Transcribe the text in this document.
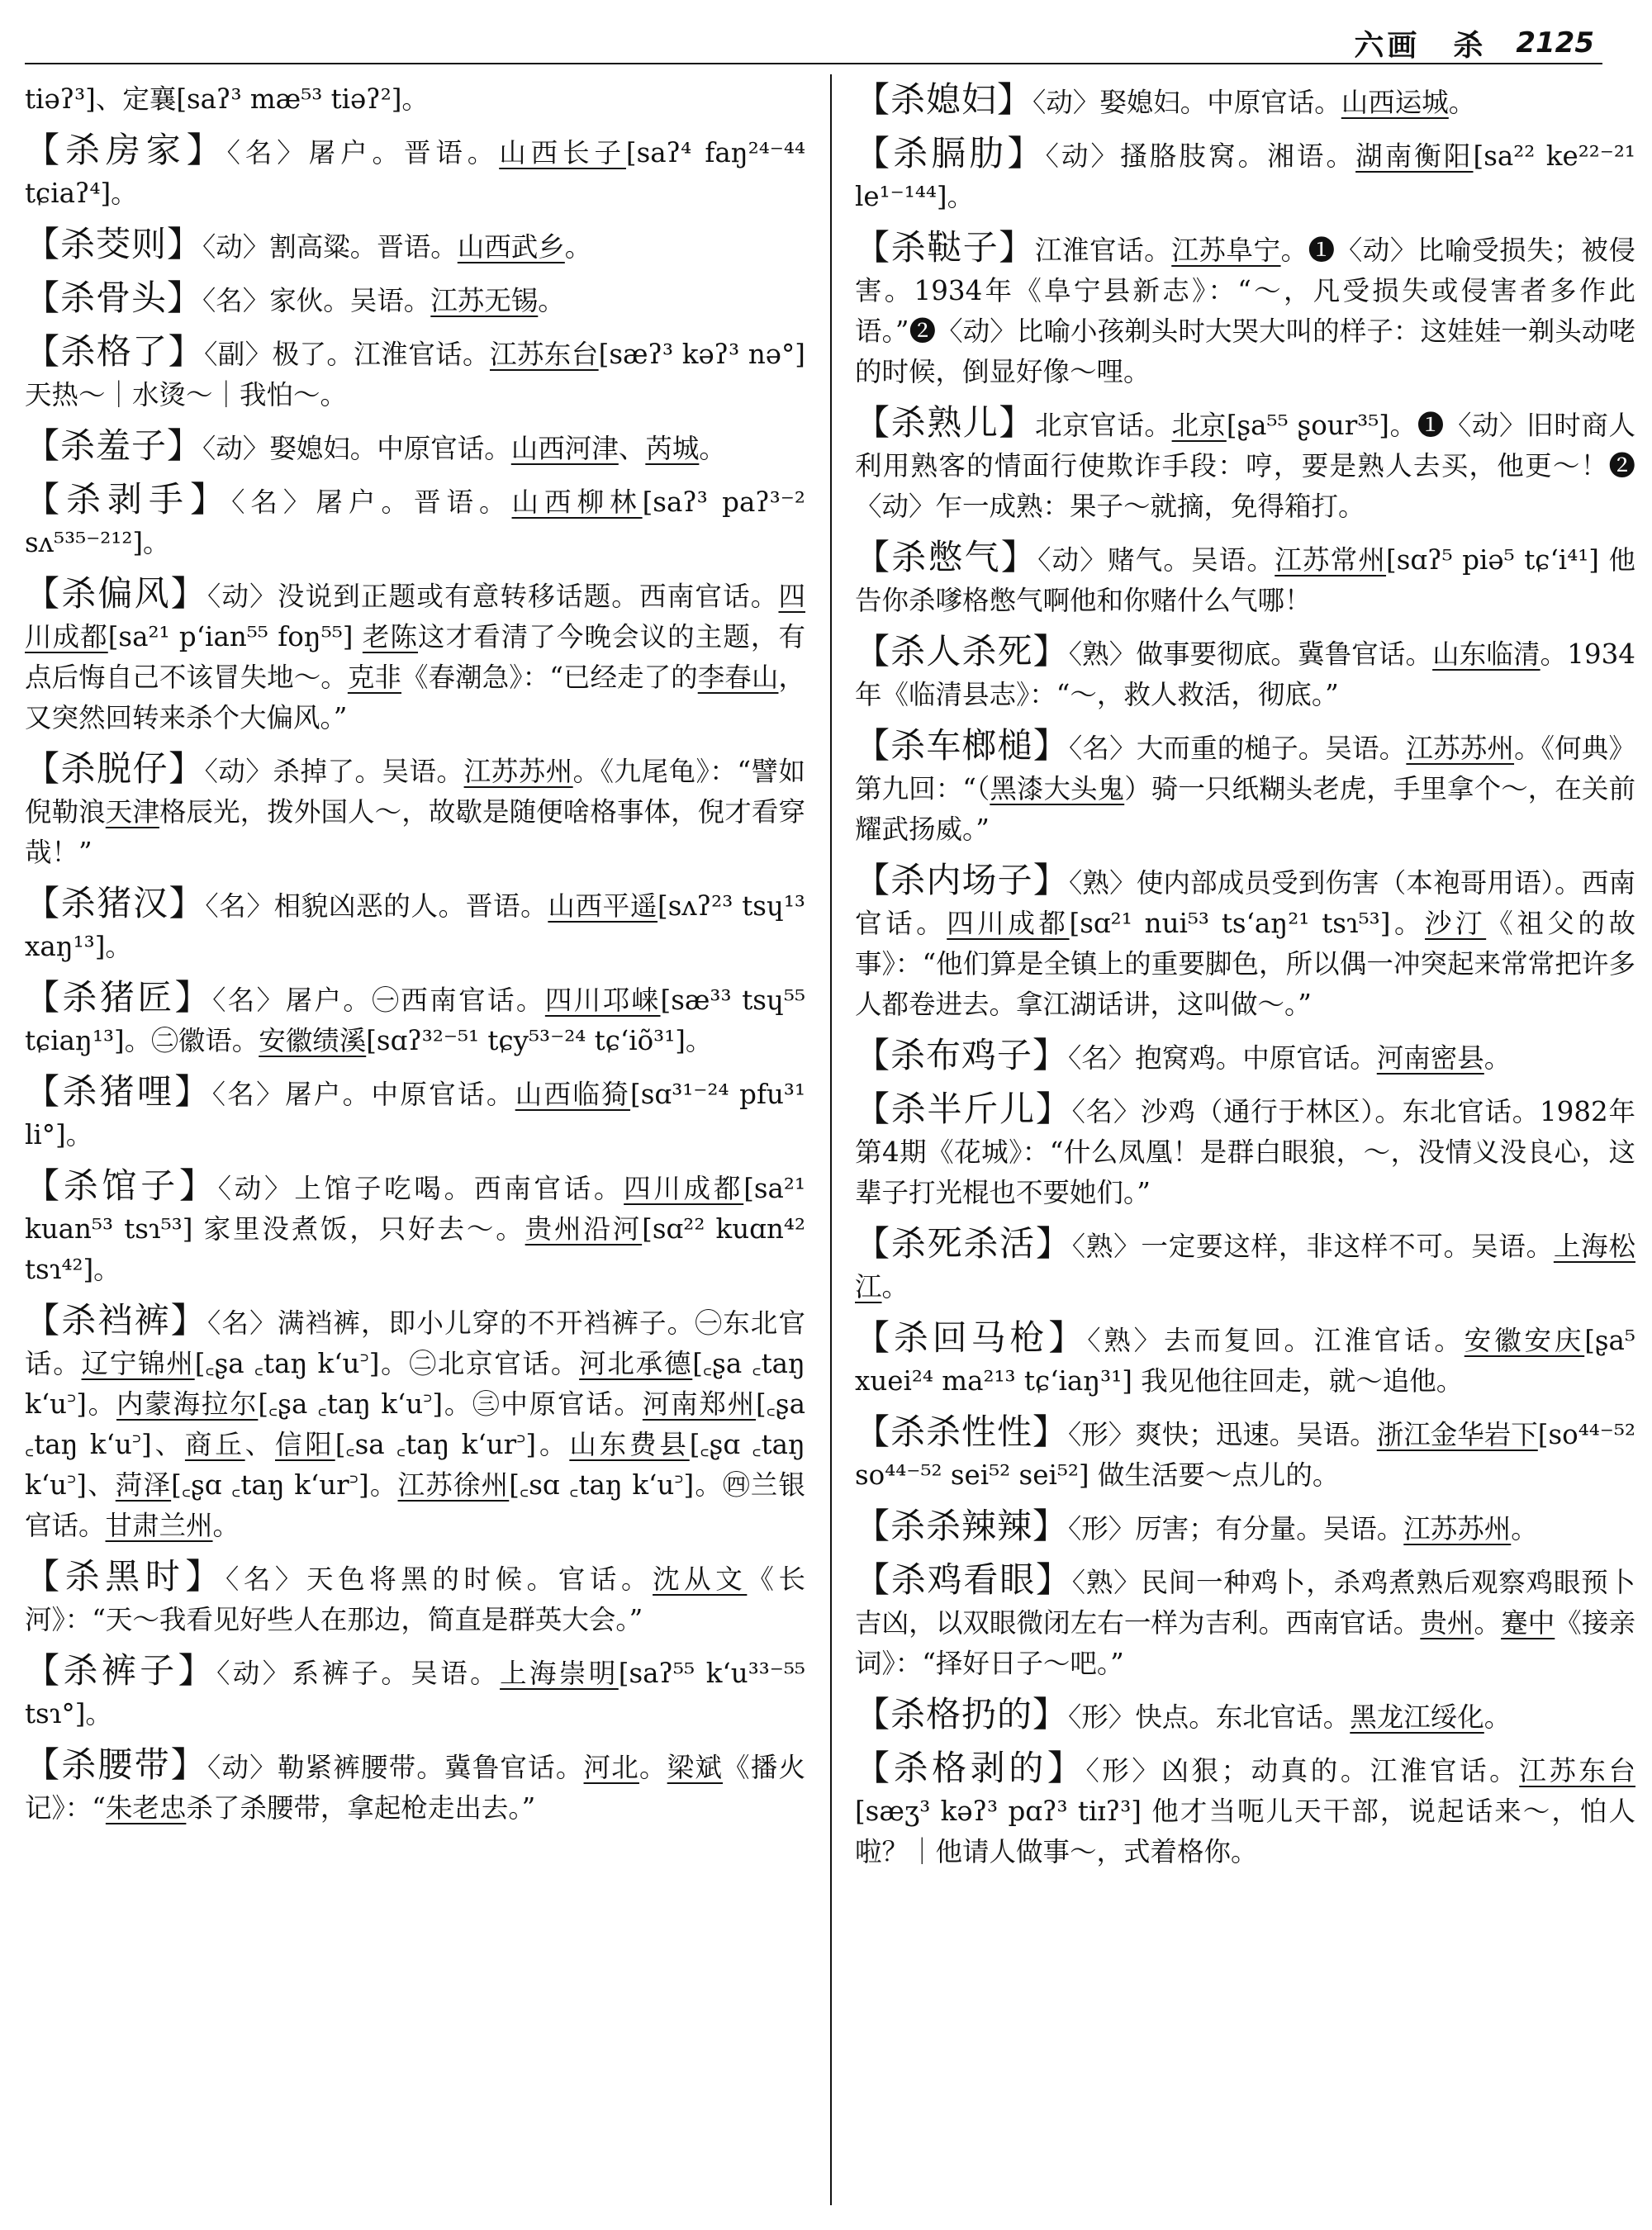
六画　杀 2125

tiəʔ³]、定襄[saʔ³ mæ⁵³ tiəʔ²]。

【杀房家】〈名〉屠户。晋语。山西长子[saʔ⁴ faŋ²⁴⁻⁴⁴ tɕiaʔ⁴]。

【杀茭则】〈动〉割高粱。晋语。山西武乡。

【杀骨头】〈名〉家伙。吴语。江苏无锡。

【杀格了】〈副〉极了。江淮官话。江苏东台[sæʔ³ kəʔ³ nə°] 天热～｜水烫～｜我怕～。

【杀羞子】〈动〉娶媳妇。中原官话。山西河津、芮城。

【杀剥手】〈名〉屠户。晋语。山西柳林[saʔ³ paʔ³⁻² sʌ⁵³⁵⁻²¹²]。

【杀偏风】〈动〉没说到正题或有意转移话题。西南官话。四川成都[sa²¹ p‘ian⁵⁵ foŋ⁵⁵] 老陈这才看清了今晚会议的主题，有点后悔自己不该冒失地～。克非《春潮急》：“已经走了的李春山，又突然回转来杀个大偏风。”

【杀脱仔】〈动〉杀掉了。吴语。江苏苏州。《九尾龟》：“譬如倪勒浪天津格辰光，拨外国人～，故歇是随便啥格事体，倪才看穿哉！”

【杀猪汉】〈名〉相貌凶恶的人。晋语。山西平遥[sʌʔ²³ tsɥ¹³ xaŋ¹³]。

【杀猪匠】〈名〉屠户。㊀西南官话。四川邛崃[sæ³³ tsɥ⁵⁵ tɕiaŋ¹³]。㊁徽语。安徽绩溪[sɑʔ³²⁻⁵¹ tɕy⁵³⁻²⁴ tɕ‘iõ³¹]。

【杀猪哩】〈名〉屠户。中原官话。山西临猗[sɑ³¹⁻²⁴ pfu³¹ li°]。

【杀馆子】〈动〉上馆子吃喝。西南官话。四川成都[sa²¹ kuan⁵³ tsɿ⁵³] 家里没煮饭，只好去～。贵州沿河[sɑ²² kuɑn⁴² tsɿ⁴²]。

【杀裆裤】〈名〉满裆裤，即小儿穿的不开裆裤子。㊀东北官话。辽宁锦州[꜀ʂa ꜀taŋ k‘u꜄]。㊁北京官话。河北承德[꜀ʂa ꜀taŋ k‘u꜄]。内蒙海拉尔[꜀ʂa ꜀taŋ k‘u꜄]。㊂中原官话。河南郑州[꜀ʂa ꜀taŋ k‘u꜄]、商丘、信阳[꜀sa ꜀taŋ k‘ur꜄]。山东费县[꜀ʂɑ ꜀taŋ k‘u꜄]、菏泽[꜀ʂɑ ꜀taŋ k‘ur꜄]。江苏徐州[꜀sɑ ꜀taŋ k‘u꜄]。㊃兰银官话。甘肃兰州。

【杀黑时】〈名〉天色将黑的时候。官话。沈从文《长河》：“天～我看见好些人在那边，简直是群英大会。”

【杀裤子】〈动〉系裤子。吴语。上海崇明[saʔ⁵⁵ k‘u³³⁻⁵⁵ tsɿ°]。

【杀腰带】〈动〉勒紧裤腰带。冀鲁官话。河北。梁斌《播火记》：“朱老忠杀了杀腰带，拿起枪走出去。”

【杀媳妇】〈动〉娶媳妇。中原官话。山西运城。

【杀膈肋】〈动〉搔胳肢窝。湘语。湖南衡阳[sa²² ke²²⁻²¹ le¹⁻¹⁴⁴]。

【杀鞑子】江淮官话。江苏阜宁。❶〈动〉比喻受损失；被侵害。1934年《阜宁县新志》：“～，凡受损失或侵害者多作此语。”❷〈动〉比喻小孩剃头时大哭大叫的样子：这娃娃一剃头动咾的时候，倒显好像～哩。

【杀熟儿】北京官话。北京[ʂa⁵⁵ ʂour³⁵]。❶〈动〉旧时商人利用熟客的情面行使欺诈手段：哼，要是熟人去买，他更～！❷〈动〉乍一成熟：果子～就摘，免得箱打。

【杀憋气】〈动〉赌气。吴语。江苏常州[sɑʔ⁵ piə⁵ tɕ‘i⁴¹] 他告你杀嗲格憋气啊他和你赌什么气哪！

【杀人杀死】〈熟〉做事要彻底。冀鲁官话。山东临清。1934年《临清县志》：“～，救人救活，彻底。”

【杀车榔槌】〈名〉大而重的槌子。吴语。江苏苏州。《何典》第九回：“（黑漆大头鬼）骑一只纸糊头老虎，手里拿个～，在关前耀武扬威。”

【杀内场子】〈熟〉使内部成员受到伤害（本袍哥用语）。西南官话。四川成都[sɑ²¹ nui⁵³ ts‘aŋ²¹ tsɿ⁵³]。沙汀《祖父的故事》：“他们算是全镇上的重要脚色，所以偶一冲突起来常常把许多人都卷进去。拿江湖话讲，这叫做～。”

【杀布鸡子】〈名〉抱窝鸡。中原官话。河南密县。

【杀半斤儿】〈名〉沙鸡（通行于林区）。东北官话。1982年第4期《花城》：“什么凤凰！是群白眼狼，～，没情义没良心，这辈子打光棍也不要她们。”

【杀死杀活】〈熟〉一定要这样，非这样不可。吴语。上海松江。

【杀回马枪】〈熟〉去而复回。江淮官话。安徽安庆[ʂa⁵ xuei²⁴ ma²¹³ tɕ‘iaŋ³¹] 我见他往回走，就～追他。

【杀杀性性】〈形〉爽快；迅速。吴语。浙江金华岩下[so⁴⁴⁻⁵² so⁴⁴⁻⁵² sei⁵² sei⁵²] 做生活要～点儿的。

【杀杀辣辣】〈形〉厉害；有分量。吴语。江苏苏州。

【杀鸡看眼】〈熟〉民间一种鸡卜，杀鸡煮熟后观察鸡眼预卜吉凶，以双眼微闭左右一样为吉利。西南官话。贵州。蹇中《接亲词》：“择好日子～吧。”

【杀格扔的】〈形〉快点。东北官话。黑龙江绥化。

【杀格剥的】〈形〉凶狠；动真的。江淮官话。江苏东台[sæʒ³ kəʔ³ pɑʔ³ tiɪʔ³] 他才当呃儿天干部，说起话来～，怕人啦？｜他请人做事～，式着格你。
